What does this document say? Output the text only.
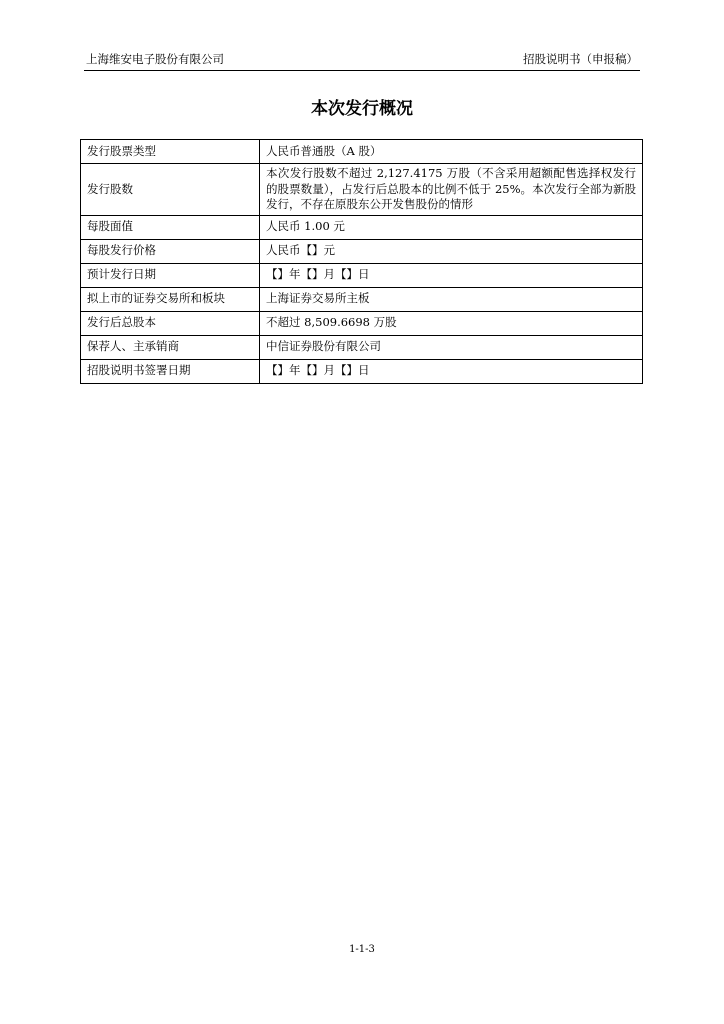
上海维安电子股份有限公司	招股说明书（申报稿）
本次发行概况
发行股票类型	人民币普通股（A 股）
发行股数	本次发行股数不超过 2,127.4175 万股（不含采用超额配售选择权发行的股票数量），占发行后总股本的比例不低于 25%。本次发行全部为新股发行，不存在原股东公开发售股份的情形
每股面值	人民币 1.00 元
每股发行价格	人民币【】元
预计发行日期	【】年【】月【】日
拟上市的证券交易所和板块	上海证券交易所主板
发行后总股本	不超过 8,509.6698 万股
保荐人、主承销商	中信证券股份有限公司
招股说明书签署日期	【】年【】月【】日
1-1-3
